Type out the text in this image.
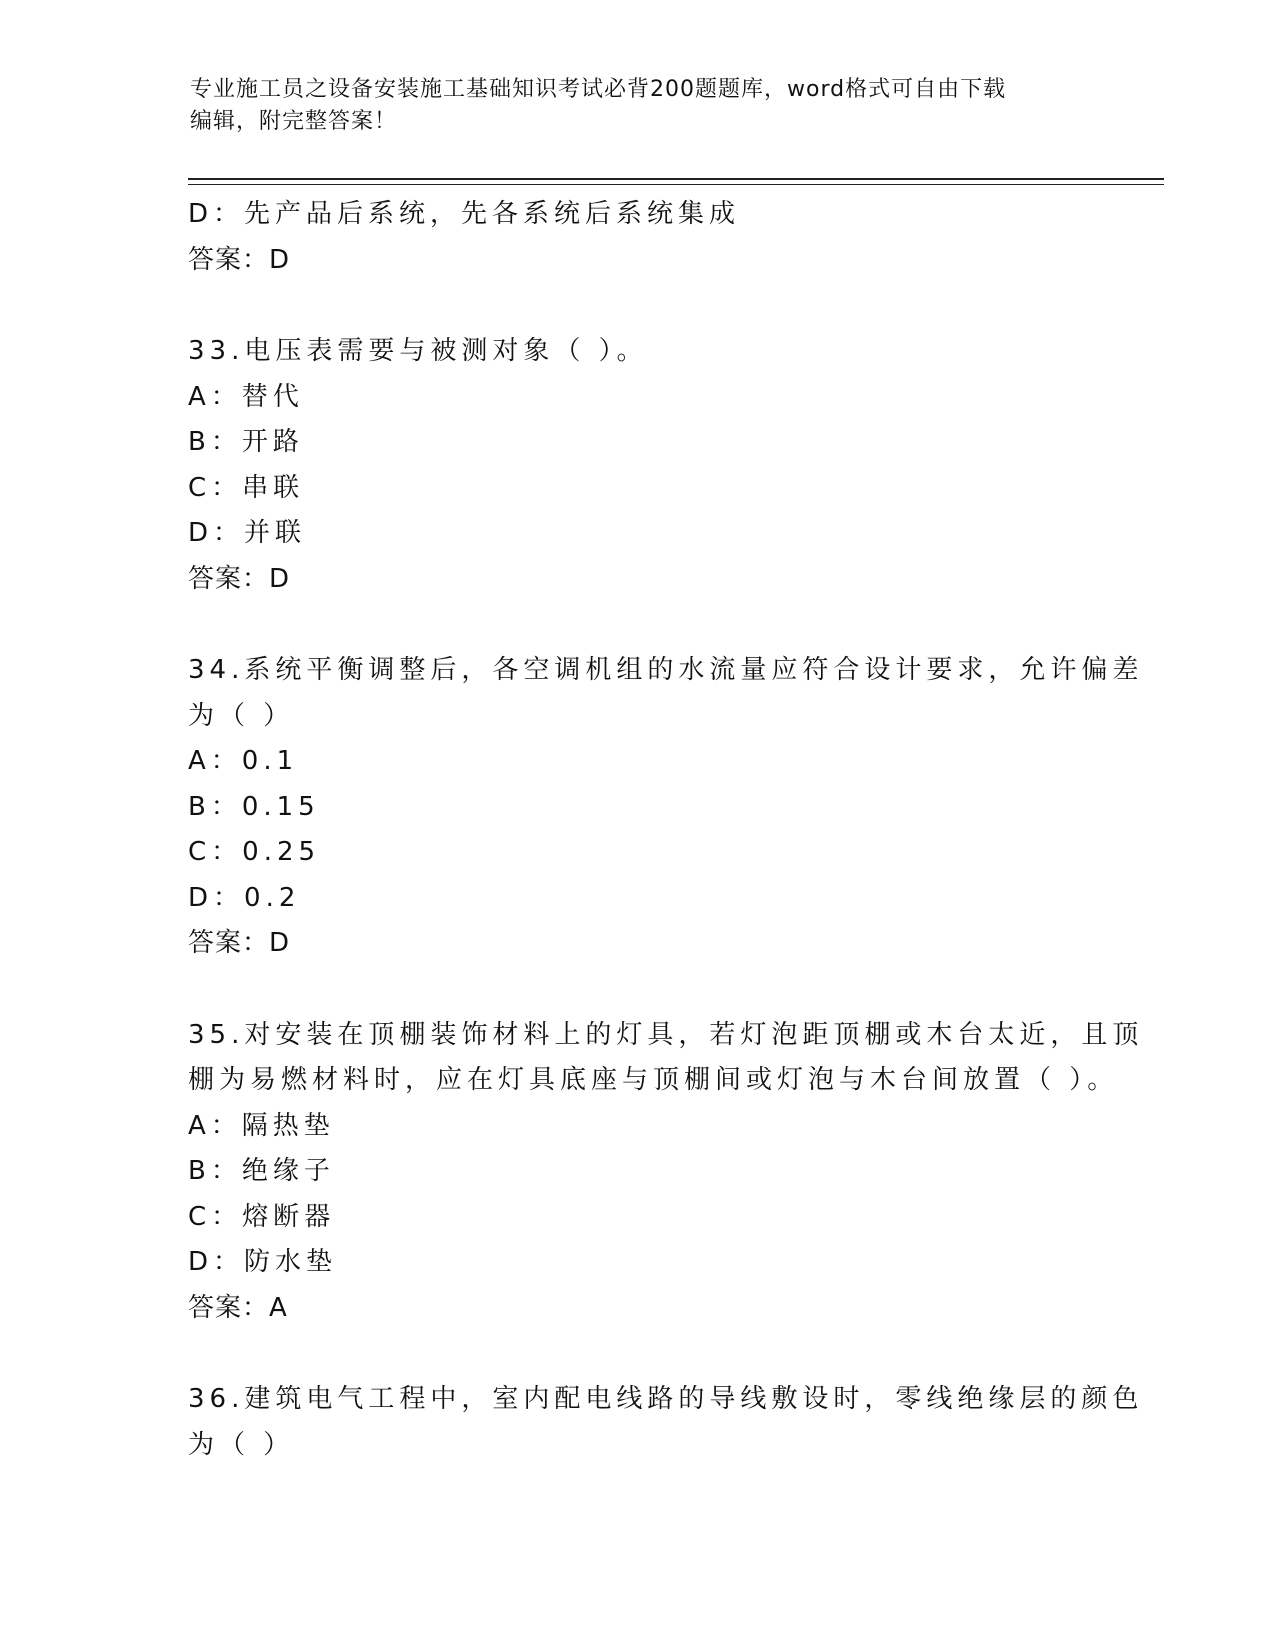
专业施工员之设备安装施工基础知识考试必背200题题库，word格式可自由下载
编辑，附完整答案！
D：先产品后系统，先各系统后系统集成
答案：D
33.电压表需要与被测对象（ ）。
A：替代
B：开路
C：串联
D：并联
答案：D
34.系统平衡调整后，各空调机组的水流量应符合设计要求，允许偏差
为（ ）
A：0.1
B：0.15
C：0.25
D：0.2
答案：D
35.对安装在顶棚装饰材料上的灯具，若灯泡距顶棚或木台太近，且顶
棚为易燃材料时，应在灯具底座与顶棚间或灯泡与木台间放置（ ）。
A：隔热垫
B：绝缘子
C：熔断器
D：防水垫
答案：A
36.建筑电气工程中，室内配电线路的导线敷设时，零线绝缘层的颜色
为（ ）
